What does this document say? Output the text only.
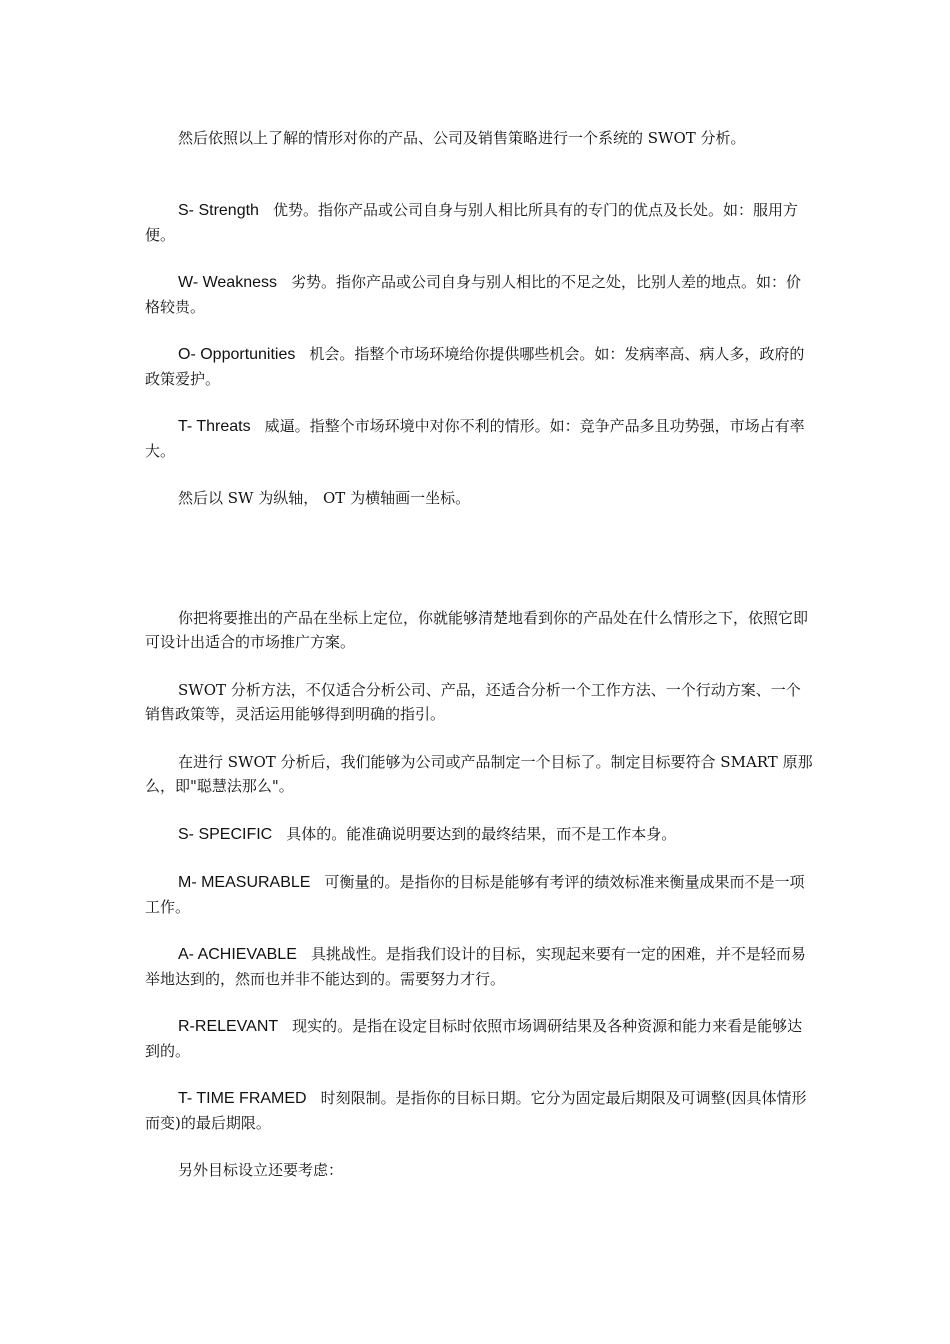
然后依照以上了解的情形对你的产品、公司及销售策略进行一个系统的 SWOT 分析。
S- Strength 优势。指你产品或公司自身与别人相比所具有的专门的优点及长处。如：服用方便。
W- Weakness 劣势。指你产品或公司自身与别人相比的不足之处，比别人差的地点。如：价格较贵。
O- Opportunities 机会。指整个市场环境给你提供哪些机会。如：发病率高、病人多，政府的政策爱护。
T- Threats 威逼。指整个市场环境中对你不利的情形。如：竞争产品多且功势强，市场占有率大。
然后以 SW 为纵轴， OT 为横轴画一坐标。
你把将要推出的产品在坐标上定位，你就能够清楚地看到你的产品处在什么情形之下，依照它即可设计出适合的市场推广方案。
SWOT 分析方法，不仅适合分析公司、产品，还适合分析一个工作方法、一个行动方案、一个销售政策等，灵活运用能够得到明确的指引。
在进行 SWOT 分析后，我们能够为公司或产品制定一个目标了。制定目标要符合 SMART 原那么，即"聪慧法那么"。
S- SPECIFIC 具体的。能准确说明要达到的最终结果，而不是工作本身。
M- MEASURABLE 可衡量的。是指你的目标是能够有考评的绩效标准来衡量成果而不是一项工作。
A- ACHIEVABLE 具挑战性。是指我们设计的目标，实现起来要有一定的困难，并不是轻而易举地达到的，然而也并非不能达到的。需要努力才行。
R-RELEVANT 现实的。是指在设定目标时依照市场调研结果及各种资源和能力来看是能够达到的。
T- TIME FRAMED 时刻限制。是指你的目标日期。它分为固定最后期限及可调整(因具体情形而变)的最后期限。
另外目标设立还要考虑：
